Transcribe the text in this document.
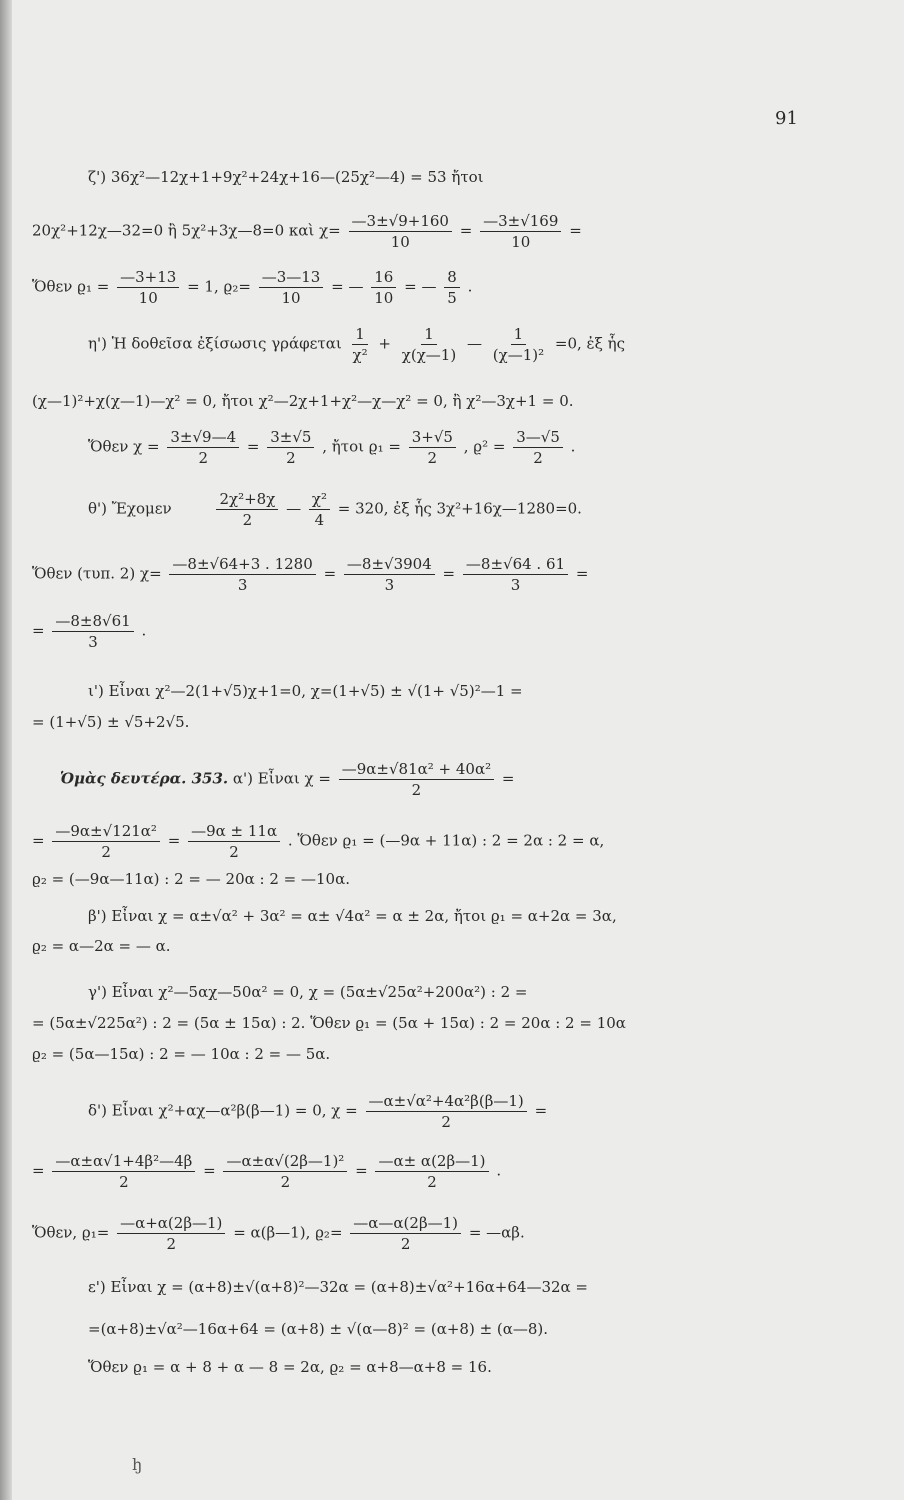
91
ζ') 36χ²—12χ+1+9χ²+24χ+16—(25χ²—4) = 53 ἤτοι
20χ²+12χ—32=0 ἢ 5χ²+3χ—8=0 καὶ $\chi= \frac{—3\pm√9+160}{10} = \frac{—3\pm√169}{10}$ =
Ὅθεν $ϱ_1 = \frac{—3+13}{10} = 1$, $ϱ_2= \frac{—3—13}{10}$ = — $\frac{16}{10}$ = — $\frac{8}{5}$ .
η') Ἡ δοθεῖσα ἐξίσωσις γράφεται $\frac{1}{\text{χ²}} + \frac{1}{\chi(\chi—1)}$ — $\frac{1}{\text{(χ—1)²}} =0$, ἐξ ἧς
(χ—1)²+χ(χ—1)—χ² = 0, ἤτοι χ²—2χ+1+χ²—χ—χ² = 0, ἢ χ²—3χ+1 = 0.
Ὅθεν $\chi = \frac{3\pm√9—4}{2} = \frac{3\pm√5}{2}$ , ἤτοι $ϱ_1 = \frac{3+√5}{2}$ , $ϱ^2 = \frac{3—√5}{2}$ .
θ') Ἔχομεν	$\frac{\text{2χ²+8χ}}{2}$ — $\frac{\text{χ²}}{4} = 320$, ἐξ ἧς 3χ²+16χ—1280=0.
Ὅθεν (τυπ. 2) $\chi= \frac{—8\pm√64+3 . 1280}{3} = \frac{—8\pm√3904}{3} = \frac{—8\pm√64 . 61}{3}$ =
= $\frac{—8\pm 8√61}{3}$ .
ι') Εἶναι χ²—2(1+√5)χ+1=0, χ=(1+√5) ± √(1+ √5)²—1 =
= (1+√5) ± √5+2√5.
Ὁμὰς δευτέρα. 353. α') Εἶναι $\chi = \frac{\text{—9α±√81α² + 40α²}}{2}$ =
= $\frac{\text{—9α±√121α²}}{2} = \frac{—9\alpha \pm 11\alpha}{2}$ . Ὅθεν ϱ₁ = (—9α + 11α) : 2 = 2α : 2 = α,
ϱ₂ = (—9α—11α) : 2 = — 20α : 2 = —10α.
β') Εἶναι χ = α±√α² + 3α² = α± √4α² = α ± 2α, ἤτοι ϱ₁ = α+2α = 3α,
ϱ₂ = α—2α = — α.
γ') Εἶναι χ²—5αχ—50α² = 0, χ = (5α±√25α²+200α²) : 2 =
= (5α±√225α²) : 2 = (5α ± 15α) : 2. Ὅθεν ϱ₁ = (5α + 15α) : 2 = 20α : 2 = 10α
ϱ₂ = (5α—15α) : 2 = — 10α : 2 = — 5α.
δ') Εἶναι χ²+αχ—α²β(β—1) = 0, $\chi = \frac{\text{—α±√α²+4α²β(β—1)}}{2}$ =
= $\frac{\text{—α±α√1+4β²—4β}}{2} = \frac{\text{—α±α√(2β—1)²}}{2} = \frac{—\alpha\pm \alpha(2\beta—1)}{2}$ .
Ὅθεν, $ϱ_1= \frac{—\alpha+\alpha(2\beta—1)}{2}$ = α(β—1), $ϱ_2= \frac{—\alpha—\alpha(2\beta—1)}{2}$ = —αβ.
ε') Εἶναι χ = (α+8)±√(α+8)²—32α = (α+8)±√α²+16α+64—32α =
=(α+8)±√α²—16α+64 = (α+8) ± √(α—8)² = (α+8) ± (α—8).
Ὅθεν ϱ₁ = α + 8 + α — 8 = 2α, ϱ₂ = α+8—α+8 = 16.
ꜧ
